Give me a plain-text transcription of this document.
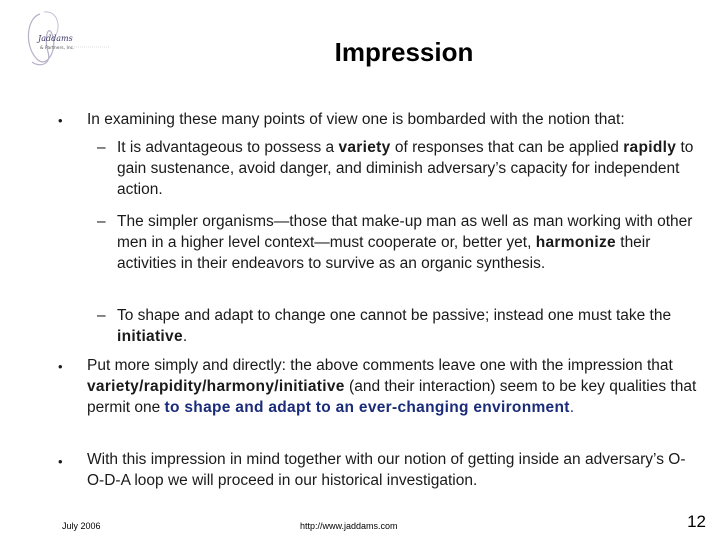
Jaddams
& Partners, Inc.	Impression
• In examining these many points of view one is bombarded with the notion that:
– It is advantageous to possess a variety of responses that can be applied rapidly to gain sustenance, avoid danger, and diminish adversary’s capacity for independent action.
– The simpler organisms—those that make-up man as well as man working with other men in a higher level context—must cooperate or, better yet, harmonize their activities in their endeavors to survive as an organic synthesis.
– To shape and adapt to change one cannot be passive; instead one must take the initiative.
• Put more simply and directly: the above comments leave one with the impression that variety/rapidity/harmony/initiative (and their interaction) seem to be key qualities that permit one to shape and adapt to an ever-changing environment.
• With this impression in mind together with our notion of getting inside an adversary’s O-O-D-A loop we will proceed in our historical investigation.
July 2006	http://www.jaddams.com	12
